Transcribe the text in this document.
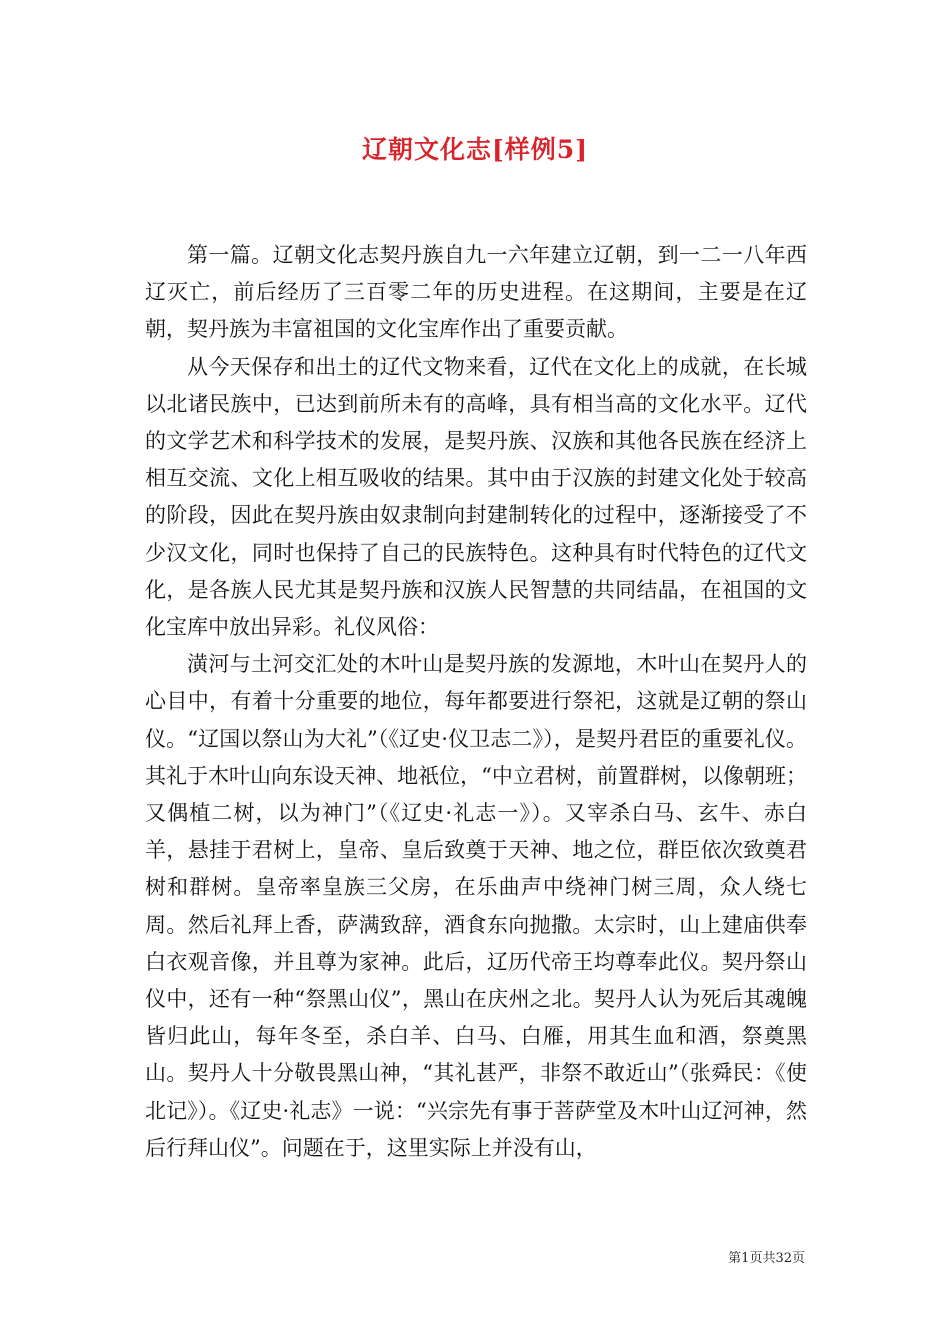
辽朝文化志[样例5]

第一篇。辽朝文化志契丹族自九一六年建立辽朝，到一二一八年西辽灭亡，前后经历了三百零二年的历史进程。在这期间，主要是在辽朝，契丹族为丰富祖国的文化宝库作出了重要贡献。

从今天保存和出土的辽代文物来看，辽代在文化上的成就，在长城以北诸民族中，已达到前所未有的高峰，具有相当高的文化水平。辽代的文学艺术和科学技术的发展，是契丹族、汉族和其他各民族在经济上相互交流、文化上相互吸收的结果。其中由于汉族的封建文化处于较高的阶段，因此在契丹族由奴隶制向封建制转化的过程中，逐渐接受了不少汉文化，同时也保持了自己的民族特色。这种具有时代特色的辽代文化，是各族人民尤其是契丹族和汉族人民智慧的共同结晶，在祖国的文化宝库中放出异彩。礼仪风俗：

潢河与土河交汇处的木叶山是契丹族的发源地，木叶山在契丹人的心目中，有着十分重要的地位，每年都要进行祭祀，这就是辽朝的祭山仪。“辽国以祭山为大礼”（《辽史·仪卫志二》），是契丹君臣的重要礼仪。其礼于木叶山向东设天神、地祇位，“中立君树，前置群树，以像朝班；又偶植二树，以为神门”（《辽史·礼志一》）。又宰杀白马、玄牛、赤白羊，悬挂于君树上，皇帝、皇后致奠于天神、地之位，群臣依次致奠君树和群树。皇帝率皇族三父房，在乐曲声中绕神门树三周，众人绕七周。然后礼拜上香，萨满致辞，酒食东向抛撒。太宗时，山上建庙供奉白衣观音像，并且尊为家神。此后，辽历代帝王均尊奉此仪。契丹祭山仪中，还有一种“祭黑山仪”，黑山在庆州之北。契丹人认为死后其魂魄皆归此山，每年冬至，杀白羊、白马、白雁，用其生血和酒，祭奠黑山。契丹人十分敬畏黑山神，“其礼甚严，非祭不敢近山”（张舜民：《使北记》）。《辽史·礼志》一说：“兴宗先有事于菩萨堂及木叶山辽河神，然后行拜山仪”。问题在于，这里实际上并没有山，

第1页共32页
